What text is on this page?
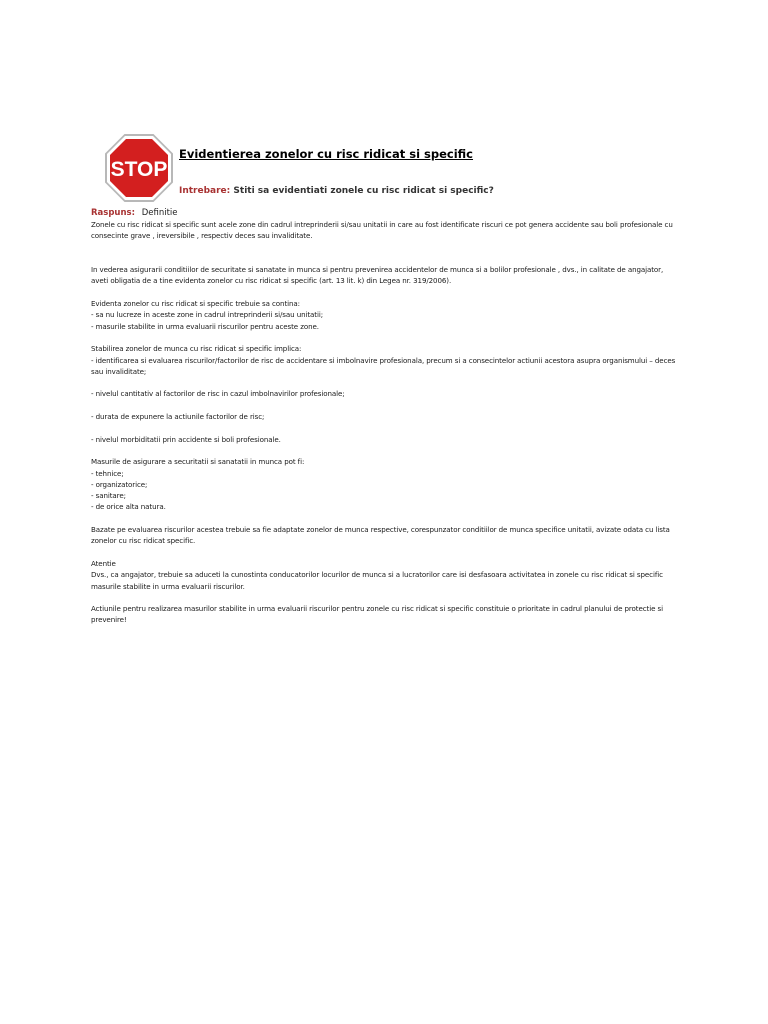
STOP
Evidentierea zonelor cu risc ridicat si specific
Intrebare: Stiti sa evidentiati zonele cu risc ridicat si specific?
Raspuns: Definitie

Zonele cu risc ridicat si specific sunt acele zone din cadrul intreprinderii si/sau unitatii in care au fost identificate riscuri ce pot genera accidente sau boli profesionale cu consecinte grave , ireversibile , respectiv deces sau invaliditate.

In vederea asigurarii conditiilor de securitate si sanatate in munca si pentru prevenirea accidentelor de munca si a bolilor profesionale , dvs., in calitate de angajator, aveti obligatia de a tine evidenta zonelor cu risc ridicat si specific (art. 13 lit. k) din Legea nr. 319/2006).

Evidenta zonelor cu risc ridicat si specific trebuie sa contina:

- sa nu lucreze in aceste zone in cadrul intreprinderii si/sau unitatii;

- masurile stabilite in urma evaluarii riscurilor pentru aceste zone.

Stabilirea zonelor de munca cu risc ridicat si specific implica:

- identificarea si evaluarea riscurilor/factorilor de risc de accidentare si imbolnavire profesionala, precum si a consecintelor actiunii acestora asupra organismului – deces sau invaliditate;

- nivelul cantitativ al factorilor de risc in cazul imbolnavirilor profesionale;

- durata de expunere la actiunile factorilor de risc;

- nivelul morbiditatii prin accidente si boli profesionale.

Masurile de asigurare a securitatii si sanatatii in munca pot fi:

- tehnice;

- organizatorice;

- sanitare;

- de orice alta natura.

Bazate pe evaluarea riscurilor acestea trebuie sa fie adaptate zonelor de munca respective, corespunzator conditiilor de munca specifice unitatii, avizate odata cu lista zonelor cu risc ridicat specific.

Atentie

Dvs., ca angajator, trebuie sa aduceti la cunostinta conducatorilor locurilor de munca si a lucratorilor care isi desfasoara activitatea in zonele cu risc ridicat si specific masurile stabilite in urma evaluarii riscurilor.

Actiunile pentru realizarea masurilor stabilite in urma evaluarii riscurilor pentru zonele cu risc ridicat si specific constituie o prioritate in cadrul planului de protectie si prevenire!
